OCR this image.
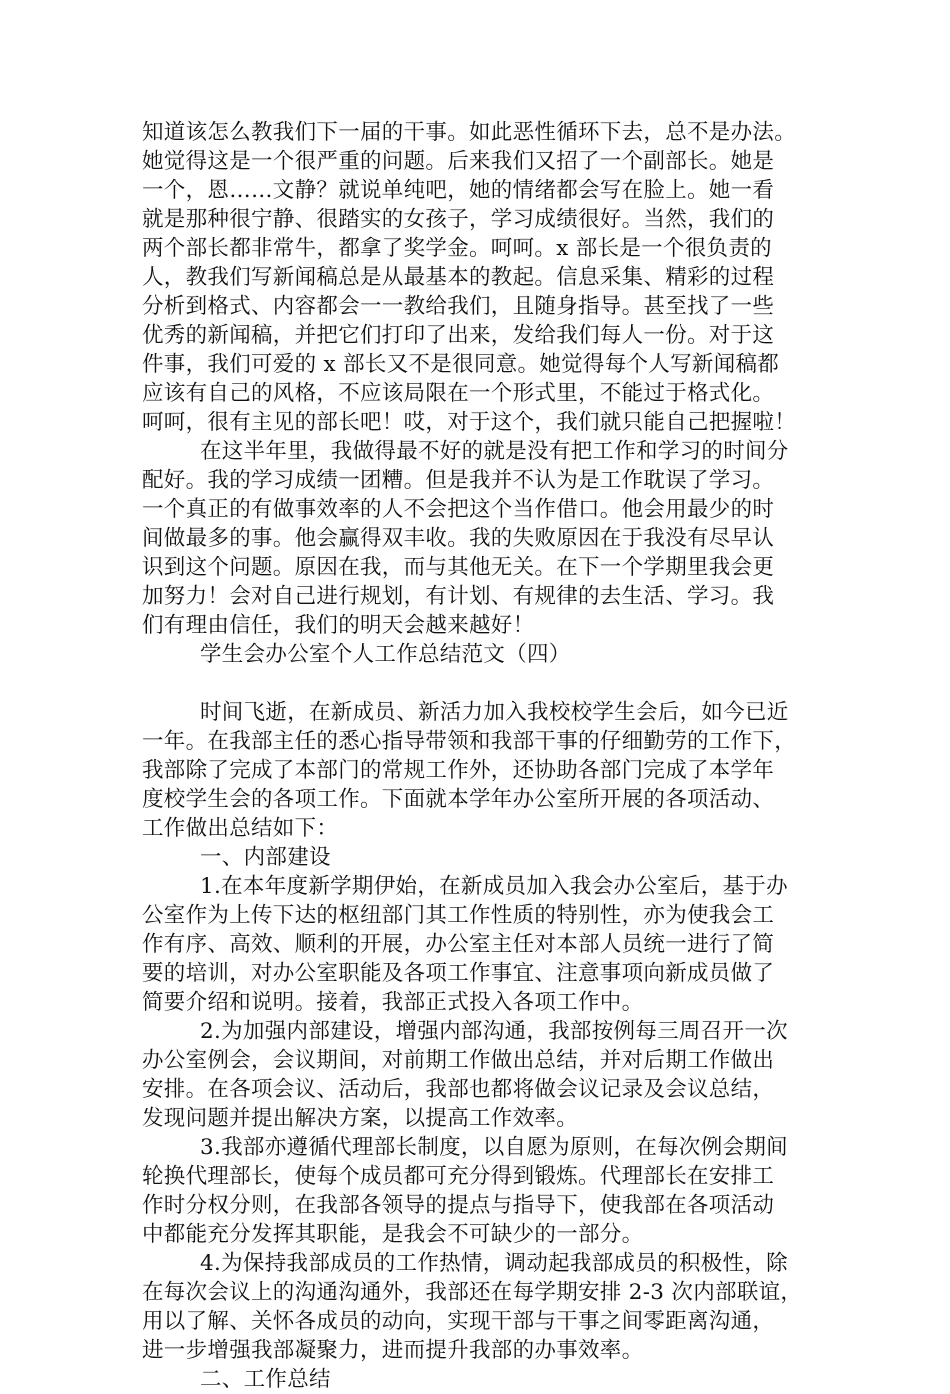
知道该怎么教我们下一届的干事。如此恶性循环下去，总不是办法。
她觉得这是一个很严重的问题。后来我们又招了一个副部长。她是
一个，恩……文静？就说单纯吧，她的情绪都会写在脸上。她一看
就是那种很宁静、很踏实的女孩子，学习成绩很好。当然，我们的
两个部长都非常牛，都拿了奖学金。呵呵。x 部长是一个很负责的
人，教我们写新闻稿总是从最基本的教起。信息采集、精彩的过程
分析到格式、内容都会一一教给我们，且随身指导。甚至找了一些
优秀的新闻稿，并把它们打印了出来，发给我们每人一份。对于这
件事，我们可爱的 x 部长又不是很同意。她觉得每个人写新闻稿都
应该有自己的风格，不应该局限在一个形式里，不能过于格式化。
呵呵，很有主见的部长吧！哎，对于这个，我们就只能自己把握啦！
在这半年里，我做得最不好的就是没有把工作和学习的时间分
配好。我的学习成绩一团糟。但是我并不认为是工作耽误了学习。
一个真正的有做事效率的人不会把这个当作借口。他会用最少的时
间做最多的事。他会赢得双丰收。我的失败原因在于我没有尽早认
识到这个问题。原因在我，而与其他无关。在下一个学期里我会更
加努力！会对自己进行规划，有计划、有规律的去生活、学习。我
们有理由信任，我们的明天会越来越好！
学生会办公室个人工作总结范文（四）
时间飞逝，在新成员、新活力加入我校校学生会后，如今已近
一年。在我部主任的悉心指导带领和我部干事的仔细勤劳的工作下，
我部除了完成了本部门的常规工作外，还协助各部门完成了本学年
度校学生会的各项工作。下面就本学年办公室所开展的各项活动、
工作做出总结如下：
一、内部建设
1.在本年度新学期伊始，在新成员加入我会办公室后，基于办
公室作为上传下达的枢纽部门其工作性质的特别性，亦为使我会工
作有序、高效、顺利的开展，办公室主任对本部人员统一进行了简
要的培训，对办公室职能及各项工作事宜、注意事项向新成员做了
简要介绍和说明。接着，我部正式投入各项工作中。
2.为加强内部建设，增强内部沟通，我部按例每三周召开一次
办公室例会，会议期间，对前期工作做出总结，并对后期工作做出
安排。在各项会议、活动后，我部也都将做会议记录及会议总结，
发现问题并提出解决方案，以提高工作效率。
3.我部亦遵循代理部长制度，以自愿为原则，在每次例会期间
轮换代理部长，使每个成员都可充分得到锻炼。代理部长在安排工
作时分权分则，在我部各领导的提点与指导下，使我部在各项活动
中都能充分发挥其职能，是我会不可缺少的一部分。
4.为保持我部成员的工作热情，调动起我部成员的积极性，除
在每次会议上的沟通沟通外，我部还在每学期安排 2-3 次内部联谊，
用以了解、关怀各成员的动向，实现干部与干事之间零距离沟通，
进一步增强我部凝聚力，进而提升我部的办事效率。
二、工作总结
